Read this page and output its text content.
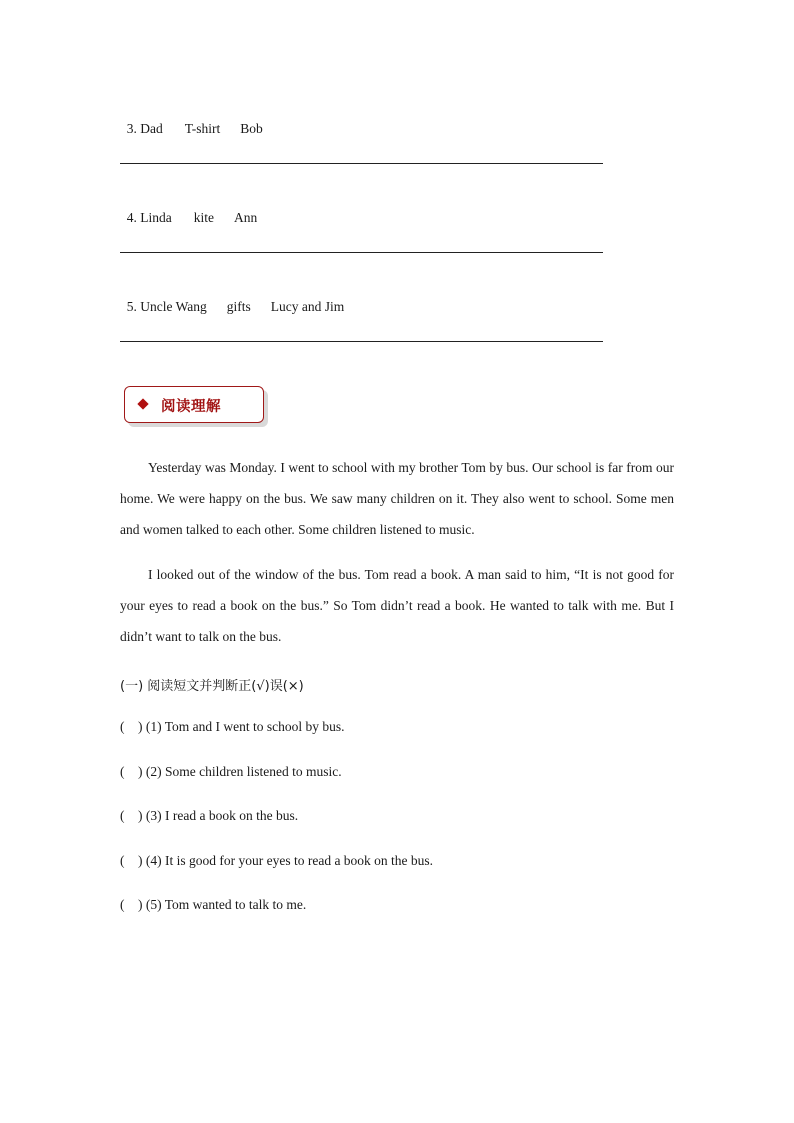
3. Dad T-shirt Bob

4. Linda kite Ann

5. Uncle Wang gifts Lucy and Jim

阅读理解
Yesterday was Monday. I went to school with my brother Tom by bus. Our school is far from our home. We were happy on the bus. We saw many children on it. They also went to school. Some men and women talked to each other. Some children listened to music.
I looked out of the window of the bus. Tom read a book. A man said to him, “It is not good for your eyes to read a book on the bus.” So Tom didn’t read a book. He wanted to talk with me. But I didn’t want to talk on the bus.
(一) 阅读短文并判断正(√)误(×)
(    ) (1) Tom and I went to school by bus.
(    ) (2) Some children listened to music.
(    ) (3) I read a book on the bus.
(    ) (4) It is good for your eyes to read a book on the bus.
(    ) (5) Tom wanted to talk to me.
